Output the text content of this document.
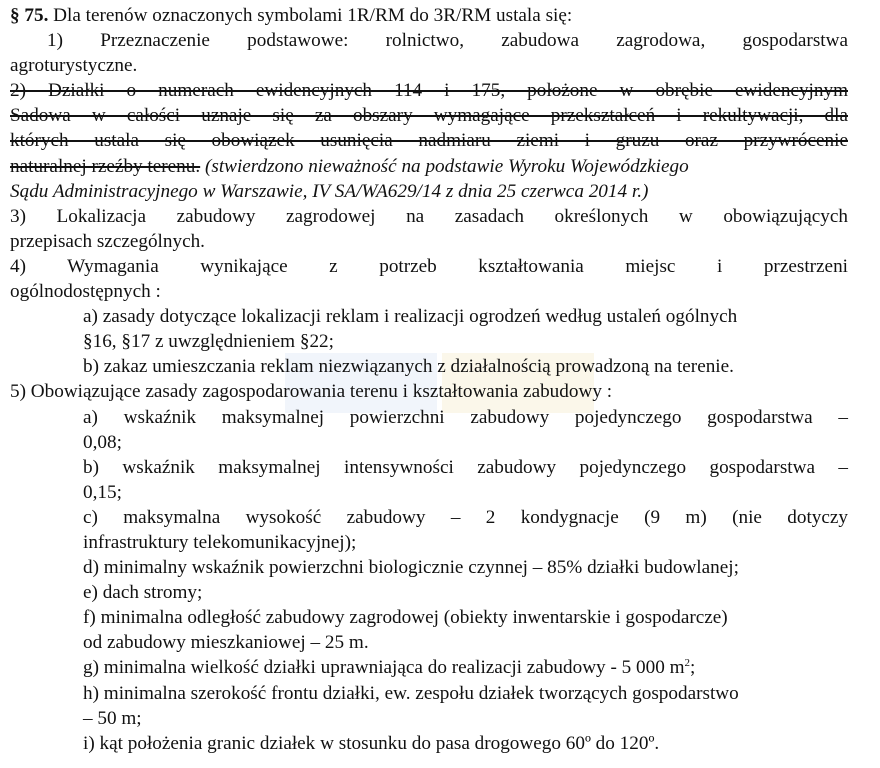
§ 75. Dla terenów oznaczonych symbolami 1R/RM do 3R/RM ustala się:
1) Przeznaczenie podstawowe: rolnictwo, zabudowa zagrodowa, gospodarstwa
agroturystyczne.
2) Działki o numerach ewidencyjnych 114 i 175, położone w obrębie ewidencyjnym
Sadowa w całości uznaje się za obszary wymagające przekształceń i rekultywacji, dla
których ustala się obowiązek usunięcia nadmiaru ziemi i gruzu oraz przywrócenie
naturalnej rzeźby terenu. (stwierdzono nieważność na podstawie Wyroku Wojewódzkiego
Sądu Administracyjnego w Warszawie, IV SA/WA629/14 z dnia 25 czerwca 2014 r.)
3) Lokalizacja zabudowy zagrodowej na zasadach określonych w obowiązujących
przepisach szczególnych.
4) Wymagania wynikające z potrzeb kształtowania miejsc i przestrzeni
ogólnodostępnych :
a) zasady dotyczące lokalizacji reklam i realizacji ogrodzeń według ustaleń ogólnych
§16, §17 z uwzględnieniem §22;
b) zakaz umieszczania reklam niezwiązanych z działalnością prowadzoną na terenie.
5) Obowiązujące zasady zagospodarowania terenu i kształtowania zabudowy :
a) wskaźnik maksymalnej powierzchni zabudowy pojedynczego gospodarstwa –
0,08;
b) wskaźnik maksymalnej intensywności zabudowy pojedynczego gospodarstwa –
0,15;
c) maksymalna wysokość zabudowy – 2 kondygnacje (9 m) (nie dotyczy
infrastruktury telekomunikacyjnej);
d) minimalny wskaźnik powierzchni biologicznie czynnej – 85% działki budowlanej;
e) dach stromy;
f) minimalna odległość zabudowy zagrodowej (obiekty inwentarskie i gospodarcze)
od zabudowy mieszkaniowej – 25 m.
g) minimalna wielkość działki uprawniająca do realizacji zabudowy - 5 000 $m^2$;
h) minimalna szerokość frontu działki, ew. zespołu działek tworzących gospodarstwo
– 50 m;
i) kąt położenia granic działek w stosunku do pasa drogowego 60º do 120º.
